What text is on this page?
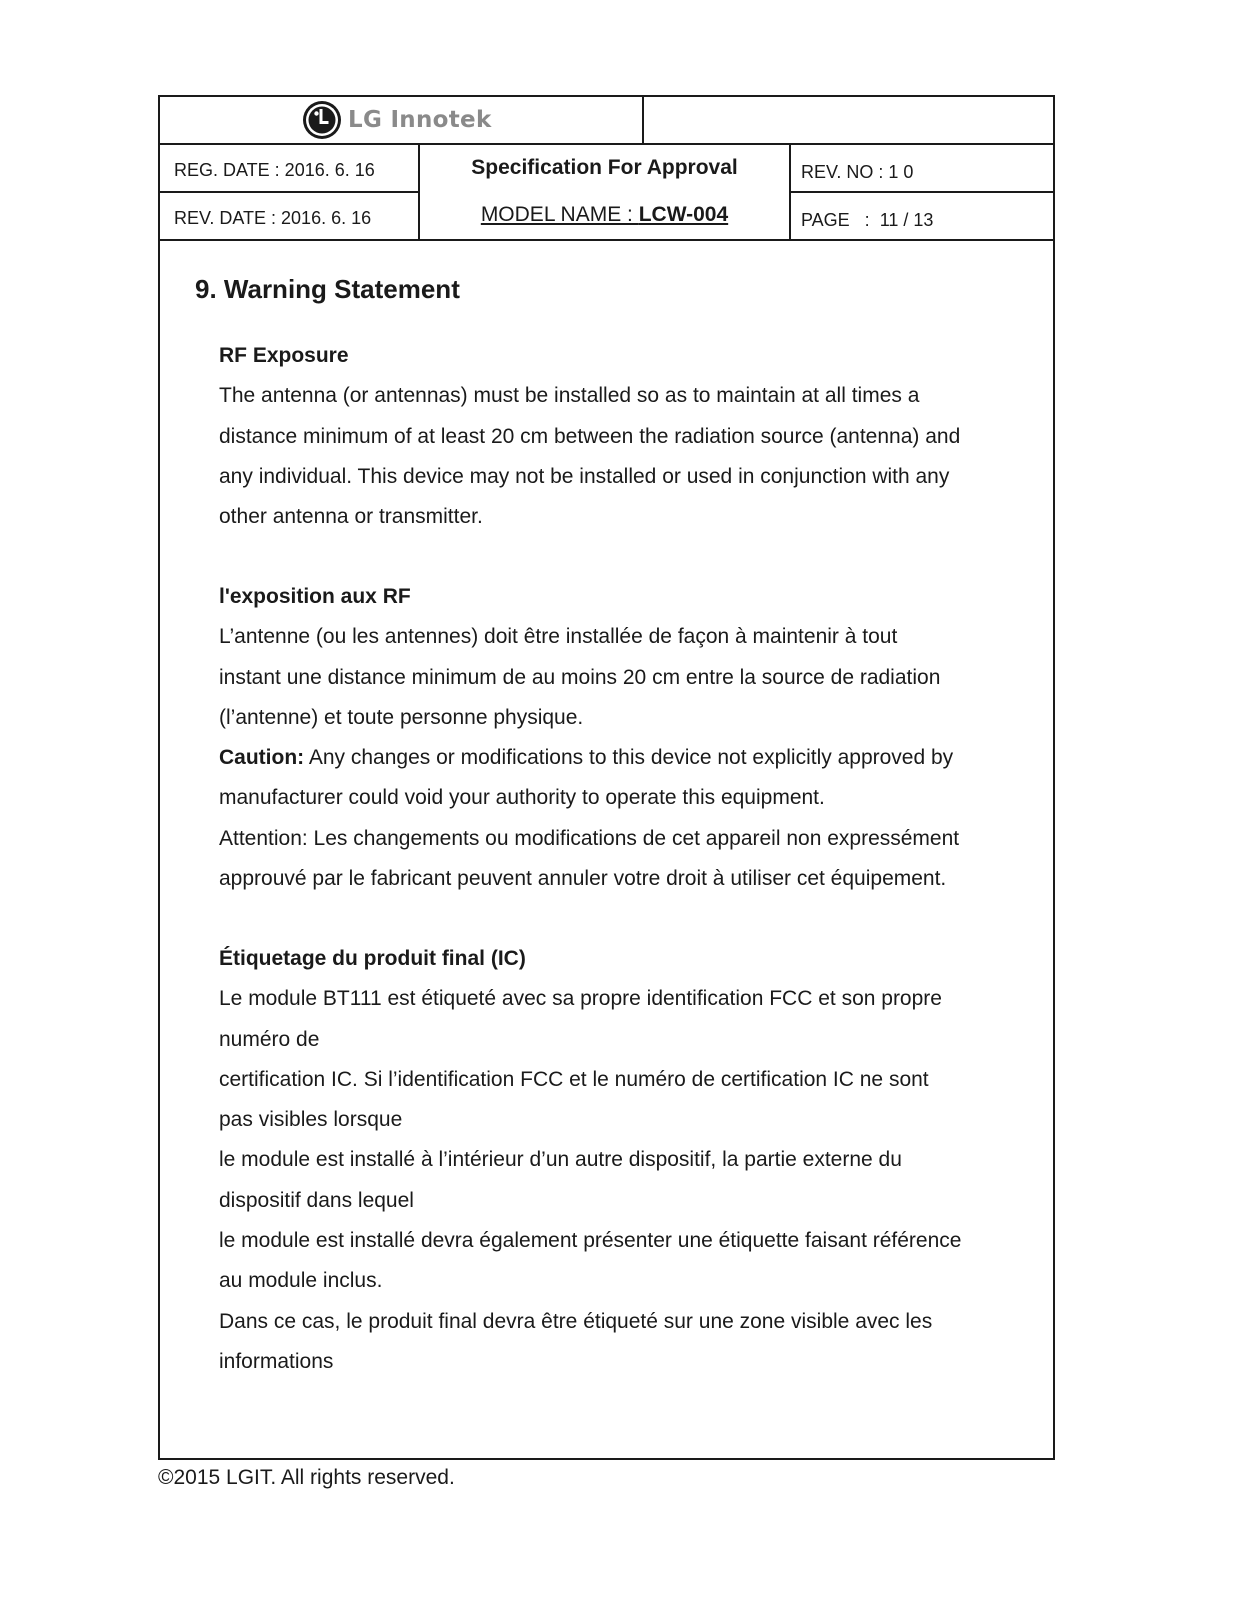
LG Innotek
REG. DATE : 2016. 6. 16
REV. DATE : 2016. 6. 16
Specification For Approval
MODEL NAME : LCW-004
REV. NO : 1 0
PAGE   :  11 / 13
9. Warning Statement
RF Exposure
The antenna (or antennas) must be installed so as to maintain at all times a
distance minimum of at least 20 cm between the radiation source (antenna) and
any individual. This device may not be installed or used in conjunction with any
other antenna or transmitter.
l'exposition aux RF
L’antenne (ou les antennes) doit être installée de façon à maintenir à tout
instant une distance minimum de au moins 20 cm entre la source de radiation
(l’antenne) et toute personne physique.
Caution: Any changes or modifications to this device not explicitly approved by
manufacturer could void your authority to operate this equipment.
Attention: Les changements ou modifications de cet appareil non expressément
approuvé par le fabricant peuvent annuler votre droit à utiliser cet équipement.
Étiquetage du produit final (IC)
Le module BT111 est étiqueté avec sa propre identification FCC et son propre
numéro de
certification IC. Si l’identification FCC et le numéro de certification IC ne sont
pas visibles lorsque
le module est installé à l’intérieur d’un autre dispositif, la partie externe du
dispositif dans lequel
le module est installé devra également présenter une étiquette faisant référence
au module inclus.
Dans ce cas, le produit final devra être étiqueté sur une zone visible avec les
informations
©2015 LGIT. All rights reserved.
